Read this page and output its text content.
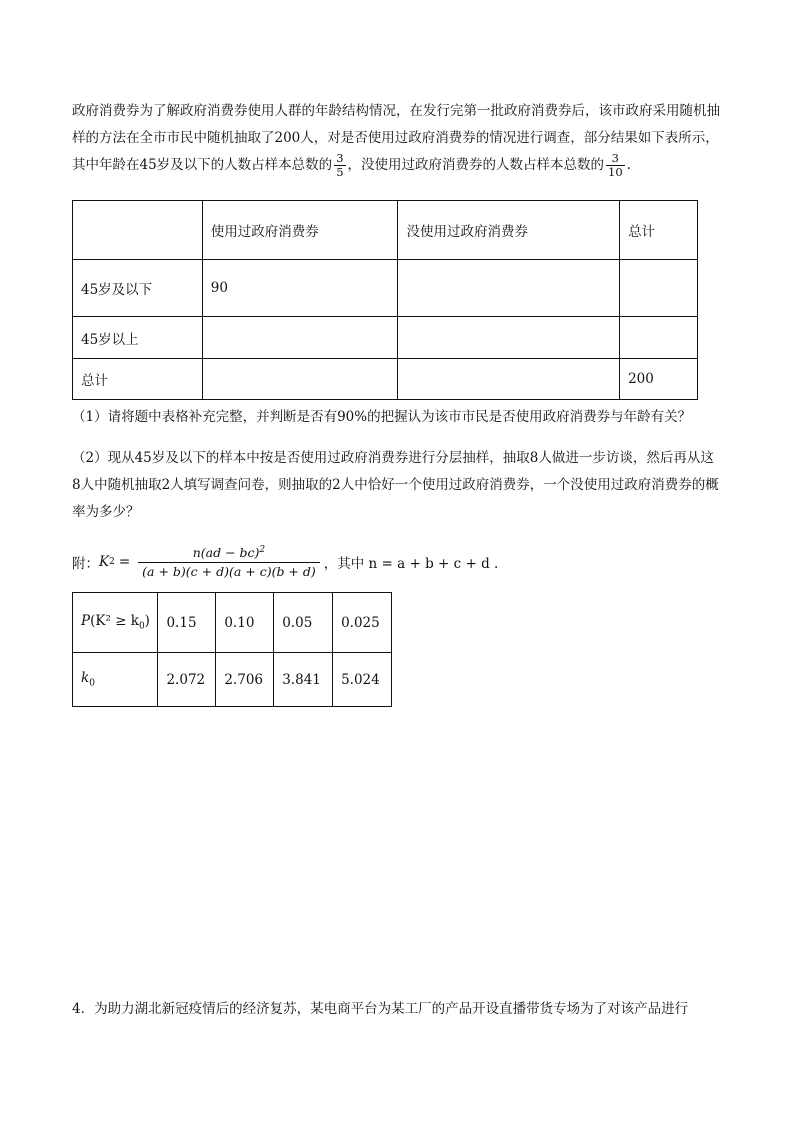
政府消费券为了解政府消费券使用人群的年龄结构情况，在发行完第一批政府消费券后，该市政府采用随机抽样的方法在全市市民中随机抽取了200人，对是否使用过政府消费券的情况进行调查，部分结果如下表所示，其中年龄在45岁及以下的人数占样本总数的 $\frac{3}{5}$ ，没使用过政府消费券的人数占样本总数的 $\frac{3}{10}$ .
	使用过政府消费券	没使用过政府消费券	总计
45岁及以下	90		
45岁以上			
总计			200
（1）请将题中表格补充完整，并判断是否有90%的把握认为该市市民是否使用政府消费券与年龄有关？
（2）现从45岁及以下的样本中按是否使用过政府消费券进行分层抽样，抽取8人做进一步访谈，然后再从这8人中随机抽取2人填写调查问卷，则抽取的2人中恰好一个使用过政府消费券，一个没使用过政府消费券的概率为多少？
附： K $2 = \frac{n(ad - bc)^2}{(a + b)(c + d)(a + c)(b + d)}$ ，其中 n = a + b + c + d .
$P(K^2 \ge k_0)$	0.15	0.10	0.05	0.025
$k_0$	2.072	2.706	3.841	5.024
4．为助力湖北新冠疫情后的经济复苏，某电商平台为某工厂的产品开设直播带货专场为了对该产品进行
